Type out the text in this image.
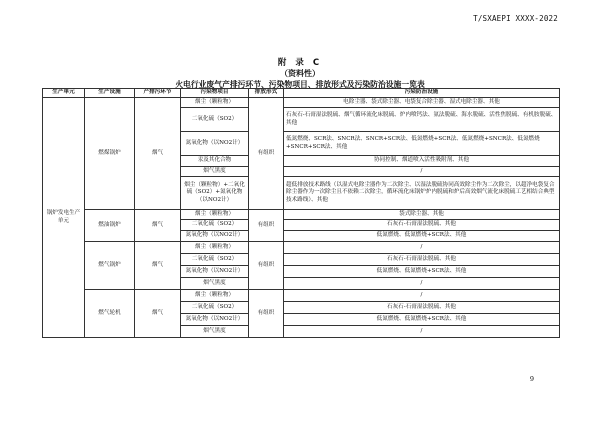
T/SXAEPI XXXX-2022
附 录 C
（资料性）
火电行业废气产排污环节、污染物项目、排放形式及污染防治设施一览表
生产单元	生产设施	产排污环节	污染物项目	排放形式	污染防治设施
锅炉发电生产单元	燃煤锅炉	烟气	烟尘（颗粒物）	有组织	电除尘器、袋式除尘器、电袋复合除尘器、湿式电除尘器、其他
			二氧化硫（SO2）		石灰石-石膏湿法脱硫、烟气循环流化床脱硫、炉内喷钙法、氨法脱硫、海水脱硫、活性焦脱硫、有机胺脱硫、其他
			氮氧化物（以NO2计）		低氮燃烧、SCR法、SNCR法、SNCR+SCR法、低氮燃烧+SCR法、低氮燃烧+SNCR法、低氮燃烧+SNCR+SCR法、其他
			汞及其化合物		协同控制、烟道喷入活性吸附剂、其他
			烟气黑度		/
			烟尘（颗粒物）+二氧化硫（SO2）+氮氧化物（以NO2计）		超低排放技术路线（以湿式电除尘器作为二次除尘、以湿法脱硫协同高效除尘作为二次除尘，以超净电袋复合除尘器作为一次除尘且不依赖二次除尘，循环流化床锅炉炉内脱硫和炉后高效烟气流化床脱硫工艺相结合典型技术路线）、其他
	燃油锅炉	烟气	烟尘（颗粒物）	有组织	袋式除尘器、其他
			二氧化硫（SO2）		石灰石-石膏湿法脱硫、其他
			氮氧化物（以NO2计）		低氮燃烧、低氮燃烧+SCR法、其他
	燃气锅炉	烟气	烟尘（颗粒物）	有组织	/
			二氧化硫（SO2）		石灰石-石膏湿法脱硫、其他
			氮氧化物（以NO2计）		低氮燃烧、低氮燃烧+SCR法、其他
			烟气黑度		/
	燃气轮机	烟气	烟尘（颗粒物）	有组织	/
			二氧化硫（SO2）		石灰石-石膏湿法脱硫、其他
			氮氧化物（以NO2计）		低氮燃烧、低氮燃烧+SCR法、其他
			烟气黑度		/
9
